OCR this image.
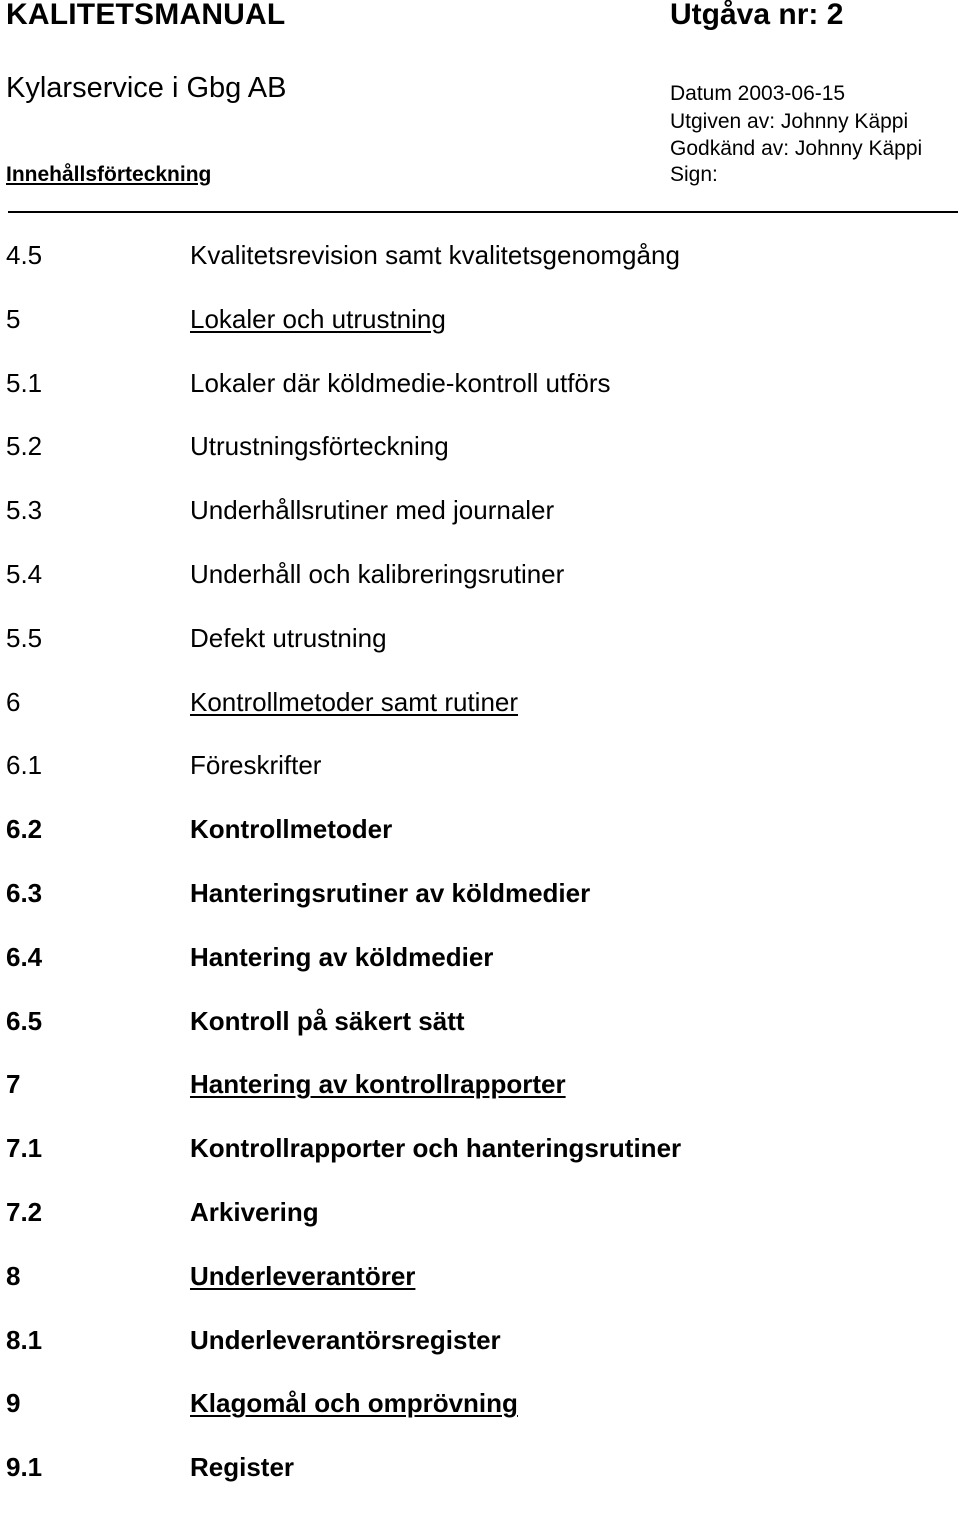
KALITETSMANUAL	Utgåva nr: 2
Kylarservice i Gbg AB	Datum 2003-06-15
Utgiven av: Johnny Käppi
Godkänd av: Johnny Käppi
Sign:
Innehållsförteckning
4.5	Kvalitetsrevision samt kvalitetsgenomgång
5	Lokaler och utrustning
5.1	Lokaler där köldmedie-kontroll utförs
5.2	Utrustningsförteckning
5.3	Underhållsrutiner med journaler
5.4	Underhåll och kalibreringsrutiner
5.5	Defekt utrustning
6	Kontrollmetoder samt rutiner
6.1	Föreskrifter
6.2	Kontrollmetoder
6.3	Hanteringsrutiner av köldmedier
6.4	Hantering av köldmedier
6.5	Kontroll på säkert sätt
7	Hantering av kontrollrapporter
7.1	Kontrollrapporter och hanteringsrutiner
7.2	Arkivering
8	Underleverantörer
8.1	Underleverantörsregister
9	Klagomål och omprövning
9.1	Register
